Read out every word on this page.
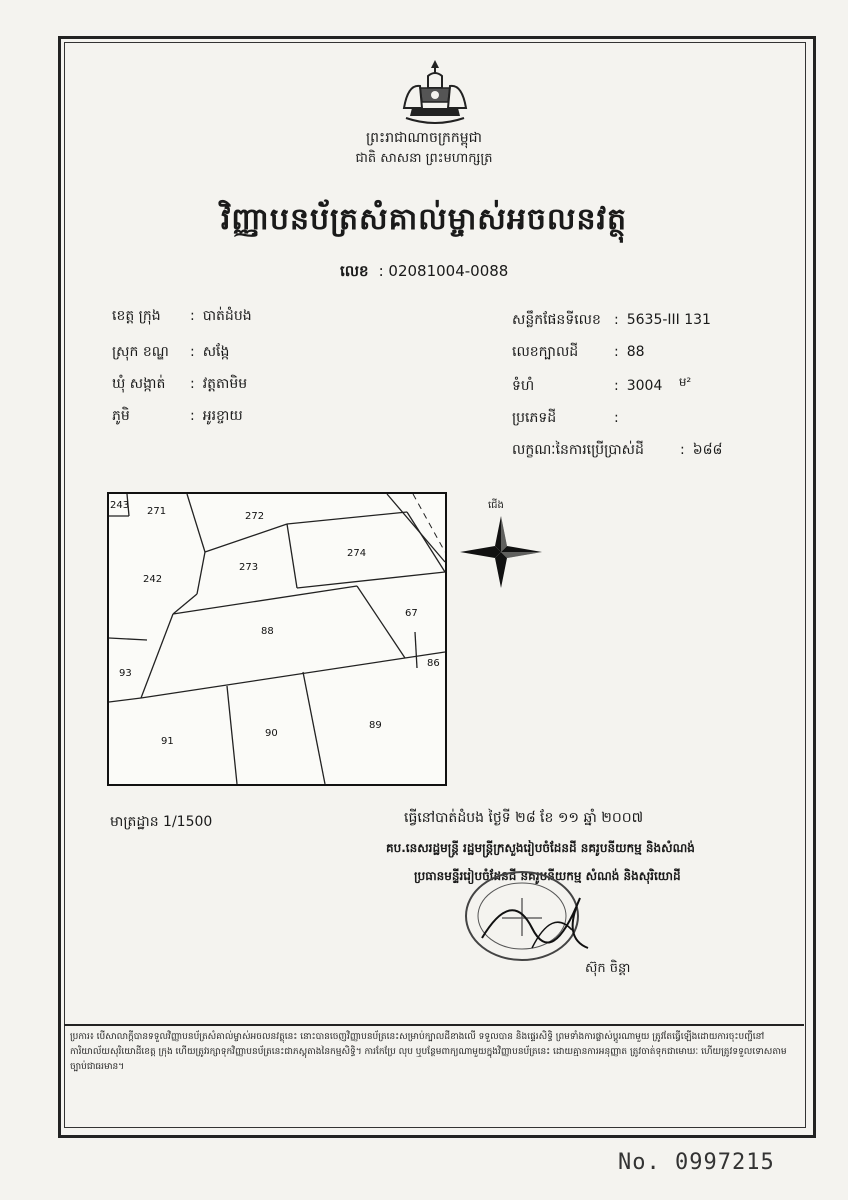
ព្រះរាជាណាចក្រកម្ពុជា
ជាតិ សាសនា ព្រះមហាក្សត្រ
វិញ្ញាបនប័ត្រសំគាល់ម្ចាស់អចលនវត្ថុ
លេខ : 02081004-0088
ខេត្ត ក្រុង : បាត់ដំបង
ស្រុក ខណ្ឌ : សង្កែ
ឃុំ សង្កាត់ : វត្តតាមិម
ភូមិ	: អូរខ្ចាយ
សន្លឹកផែនទីលេខ : 5635-III 131
លេខក្បាលដី	: 88
ទំហំ	: 3004 ម²
ប្រភេទដី	:
លក្ខណៈនៃការប្រើប្រាស់ដី	: ៦៨៨
243
271	272
274
242
273
88
67
93
86
91
90
89
ជើង
មាត្រដ្ឋាន 1/1500	ធ្វើនៅបាត់ដំបង ថ្ងៃទី ២៨ ខែ ១១ ឆ្នាំ ២០០៧
គប.នេសរដ្ឋមន្ត្រី រដ្ឋមន្ត្រីក្រសួងរៀបចំដែនដី នគរូបនីយកម្ម និងសំណង់
ប្រធានមន្ទីររៀបចំដែនដី នគរូបនីយកម្ម សំណង់ និងសុរិយោដី
ស៊ុក ចិន្ដា
ប្រការ៖ បើសាលាក្តីបានទទួលវិញ្ញាបនប័ត្រសំគាល់ម្ចាស់អចលនវត្ថុនេះ នោះបានចេញវិញ្ញាបនប័ត្រនេះសម្រាប់ក្បាលដីខាងលើ ទទួលបាន និងផ្ទេរសិទ្ធិ ព្រមទាំងការផ្លាស់ប្តូរណាមួយ ត្រូវតែធ្វើឡើងដោយការចុះបញ្ជីនៅការិយាល័យសុរិយោដីខេត្ត ក្រុង ហើយត្រូវរក្សាទុកវិញ្ញាបនប័ត្រនេះជាភស្តុតាងនៃកម្មសិទ្ធិ។ ការកែប្រែ លុប ឬបន្ថែមពាក្យណាមួយក្នុងវិញ្ញាបនប័ត្រនេះ ដោយគ្មានការអនុញ្ញាត ត្រូវចាត់ទុកជាមោឃៈ ហើយត្រូវទទួលទោសតាមច្បាប់ជាធរមាន។
No. 0997215
